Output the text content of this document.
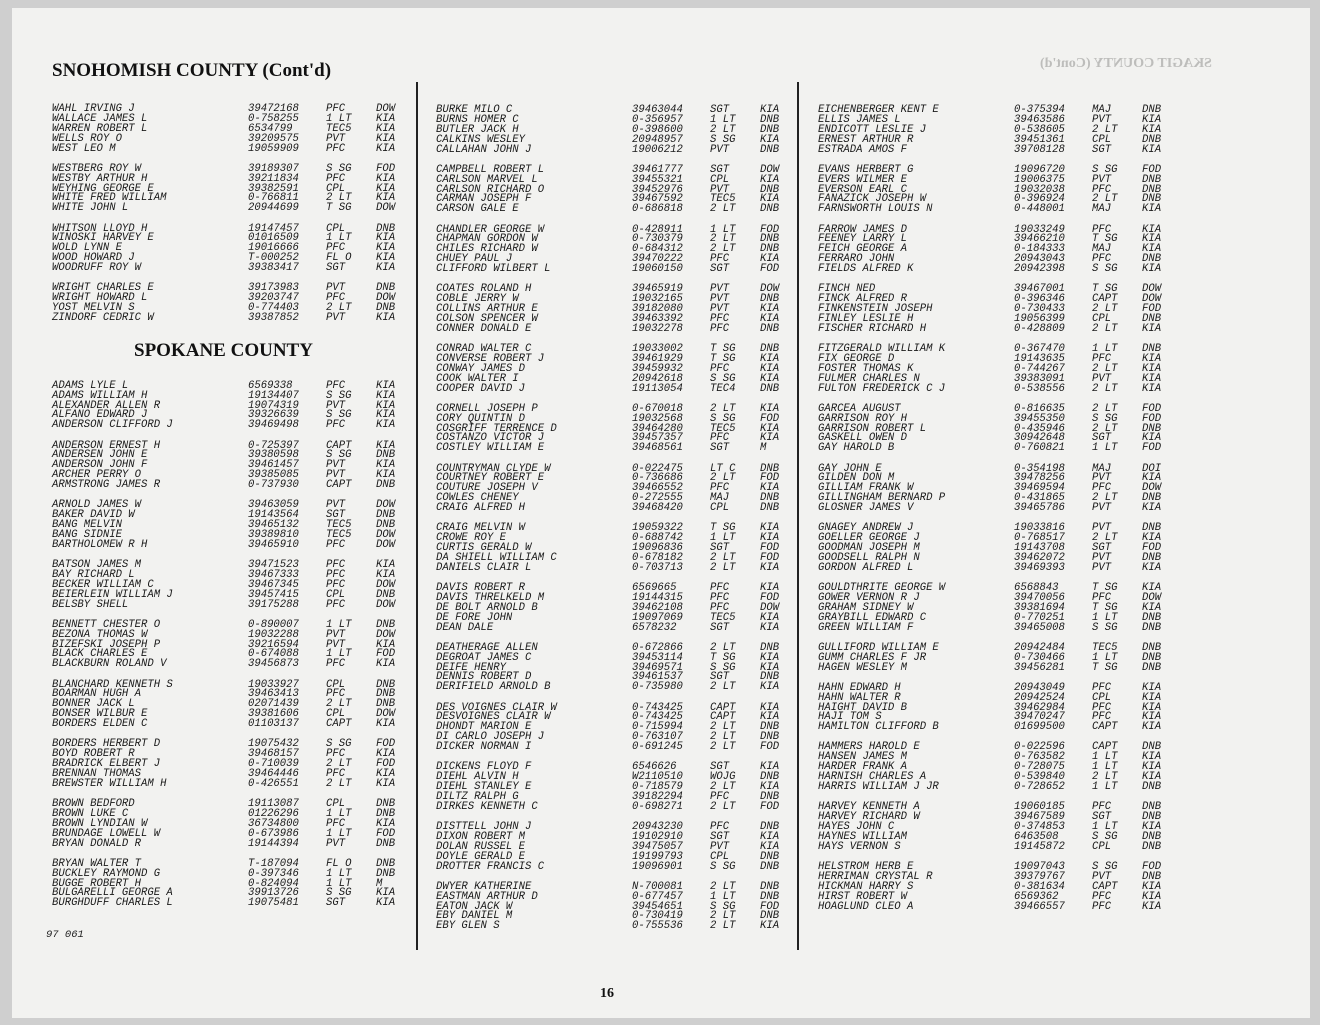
SKAGIT COUNTY (Cont'd)
SNOHOMISH COUNTY (Cont'd)
WAHL IRVING J	39472168	PFC	DOW
WALLACE JAMES L	0-758255	1 LT KIA
WARREN ROBERT L	6534799	TEC5 KIA
WELLS ROY O	39209575	PVT	KIA
WEST LEO M	19059909	PFC	KIA
WESTBERG ROY W	39189307	S SG FOD
WESTBY ARTHUR H	39211834	PFC	KIA
WEYHING GEORGE E	39382591	CPL	KIA
WHITE FRED WILLIAM	0-766811	2 LT KIA
WHITE JOHN L	20944699	T SG DOW
WHITSON LLOYD H	19147457	CPL	DNB
WINOSKI HARVEY E	01016509	1 LT KIA
WOLD LYNN E	19016666	PFC	KIA
WOOD HOWARD J	T-000252	FL O KIA
WOODRUFF ROY W	39383417	SGT	KIA
WRIGHT CHARLES E	39173983	PVT	DNB
WRIGHT HOWARD L	39203747	PFC	DOW
YOST MELVIN S	0-774403	2 LT DNB
ZINDORF CEDRIC W	39387852	PVT	KIA
SPOKANE COUNTY
ADAMS LYLE L	6569338	PFC	KIA
ADAMS WILLIAM H	19134407	S SG KIA
ALEXANDER ALLEN R	19074319	PVT	KIA
ALFANO EDWARD J	39326639	S SG KIA
ANDERSON CLIFFORD J	39469498	PFC	KIA
ANDERSON ERNEST H	0-725397	CAPT KIA
ANDERSEN JOHN E	39380598	S SG DNB
ANDERSON JOHN F	39461457	PVT	KIA
ARCHER PERRY O	39385085	PVT	KIA
ARMSTRONG JAMES R	0-737930	CAPT DNB
ARNOLD JAMES W	39463059	PVT	DOW
BAKER DAVID W	19143564	SGT	DNB
BANG MELVIN	39465132	TEC5 DNB
BANG SIDNIE	39389810	TEC5 DOW
BARTHOLOMEW R H	39465910	PFC	DOW
BATSON JAMES M	39471523	PFC	KIA
BAY RICHARD L	39467333	PFC	KIA
BECKER WILLIAM C	39467345	PFC	DOW
BEIERLEIN WILLIAM J	39457415	CPL	DNB
BELSBY SHELL	39175288	PFC	DOW
BENNETT CHESTER O	0-890007	1 LT DNB
BEZONA THOMAS W	19032288	PVT	DOW
BIZEFSKI JOSEPH P	39216594	PVT	KIA
BLACK CHARLES E	0-674088	1 LT FOD
BLACKBURN ROLAND V	39456873	PFC	KIA
BLANCHARD KENNETH S	19033927	CPL	DNB
BOARMAN HUGH A	39463413	PFC	DNB
BONNER JACK L	02071439	2 LT DNB
BONSER WILBUR E	39381606	CPL	DOW
BORDERS ELDEN C	01103137	CAPT KIA
BORDERS HERBERT D	19075432	S SG FOD
BOYD ROBERT R	39468157	PFC	KIA
BRADRICK ELBERT J	0-710039	2 LT FOD
BRENNAN THOMAS	39464446	PFC	KIA
BREWSTER WILLIAM H	0-426551	2 LT KIA
BROWN BEDFORD	19113087	CPL	DNB
BROWN LUKE C	01226296	1 LT DNB
BROWN LYNDIAN W	36734800	PFC	KIA
BRUNDAGE LOWELL W	0-673986	1 LT FOD
BRYAN DONALD R	19144394	PVT	DNB
BRYAN WALTER T	T-187094	FL O DNB
BUCKLEY RAYMOND G	0-397346	1 LT DNB
BUGGE ROBERT H	0-824094	1 LT M
BULGARELLI GEORGE A	39913726	S SG KIA
BURGHDUFF CHARLES L	19075481	SGT	KIA
BURKE MILO C	39463044	SGT	KIA
BURNS HOMER C	0-356957	1 LT DNB
BUTLER JACK H	0-398600	2 LT DNB
CALKINS WESLEY	20948957	S SG KIA
CALLAHAN JOHN J	19006212	PVT	DNB
CAMPBELL ROBERT L	39461777	SGT	DOW
CARLSON MARVEL L	39455321	CPL	KIA
CARLSON RICHARD O	39452976	PVT	DNB
CARMAN JOSEPH F	39467592	TEC5 KIA
CARSON GALE E	0-686818	2 LT DNB
CHANDLER GEORGE W	0-428911	1 LT FOD
CHAPMAN GORDON W	0-730379	2 LT DNB
CHILES RICHARD W	0-684312	2 LT DNB
CHUEY PAUL J	39470222	PFC	KIA
CLIFFORD WILBERT L	19060150	SGT	FOD
COATES ROLAND H	39465919	PVT	DOW
COBLE JERRY W	19032165	PVT	DNB
COLLINS ARTHUR E	39182080	PVT	KIA
COLSON SPENCER W	39463392	PFC	KIA
CONNER DONALD E	19032278	PFC	DNB
CONRAD WALTER C	19033002	T SG DNB
CONVERSE ROBERT J	39461929	T SG KIA
CONWAY JAMES D	39459932	PFC	KIA
COOK WALTER I	20942618	S SG KIA
COOPER DAVID J	19113054	TEC4 DNB
CORNELL JOSEPH P	0-670018	2 LT KIA
CORY QUINTIN D	19032568	S SG FOD
COSGRIFF TERRENCE D	39464280	TEC5 KIA
COSTANZO VICTOR J	39457357	PFC	KIA
COSTLEY WILLIAM E	39468561	SGT	M
COUNTRYMAN CLYDE W	0-022475	LT C DNB
COURTNEY ROBERT E	0-736686	2 LT FOD
COUTURE JOSEPH V	39466552	PFC	KIA
COWLES CHENEY	0-272555	MAJ	DNB
CRAIG ALFRED H	39468420	CPL	DNB
CRAIG MELVIN W	19059322	T SG KIA
CROWE ROY E	0-688742	1 LT KIA
CURTIS GERALD W	19096836	SGT	FOD
DA SHIELL WILLIAM C	0-678182	2 LT FOD
DANIELS CLAIR L	0-703713	2 LT KIA
DAVIS ROBERT R	6569665	PFC	KIA
DAVIS THRELKELD M	19144315	PFC	FOD
DE BOLT ARNOLD B	39462108	PFC	DOW
DE FORE JOHN	19097069	TEC5 KIA
DEAN DALE	6578232	SGT	KIA
DEATHERAGE ALLEN	0-672866	2 LT DNB
DEGROAT JAMES C	39453114	T SG KIA
DEIFE HENRY	39469571	S SG KIA
DENNIS ROBERT D	39461537	SGT	DNB
DERIFIELD ARNOLD B	0-735980	2 LT KIA
DES VOIGNES CLAIR W	0-743425	CAPT KIA
DESVOIGNES CLAIR W	0-743425	CAPT KIA
DHONDT MARION E	0-715994	2 LT DNB
DI CARLO JOSEPH J	0-763107	2 LT DNB
DICKER NORMAN I	0-691245	2 LT FOD
DICKENS FLOYD F	6546626	SGT	KIA
DIEHL ALVIN H	W2110510	WOJG DNB
DIEHL STANLEY E	0-718579	2 LT KIA
DILTZ RALPH G	39182294	PFC	DNB
DIRKES KENNETH C	0-698271	2 LT FOD
DISTTELL JOHN J	20943230	PFC	DNB
DIXON ROBERT M	19102910	SGT	KIA
DOLAN RUSSEL E	39475057	PVT	KIA
DOYLE GERALD E	19199793	CPL	DNB
DROTTER FRANCIS C	19096901	S SG DNB
DWYER KATHERINE	N-700081	2 LT DNB
EASTMAN ARTHUR D	0-677457	1 LT DNB
EATON JACK W	39454651	S SG FOD
EBY DANIEL M	0-730419	2 LT DNB
EBY GLEN S	0-755536	2 LT KIA
EICHENBERGER KENT E	0-375394	MAJ	DNB
ELLIS JAMES L	39463586	PVT	KIA
ENDICOTT LESLIE J	0-538605	2 LT KIA
ERNEST ARTHUR R	39451361	CPL	DNB
ESTRADA AMOS F	39708128	SGT	KIA
EVANS HERBERT G	19096720	S SG FOD
EVERS WILMER E	19006375	PVT	DNB
EVERSON EARL C	19032038	PFC	DNB
FANAZICK JOSEPH W	0-396924	2 LT DNB
FARNSWORTH LOUIS N	0-448001	MAJ	KIA
FARROW JAMES D	19033249	PFC	KIA
FEENEY LARRY L	39466210	T SG KIA
FEICH GEORGE A	0-184333	MAJ	KIA
FERRARO JOHN	20943043	PFC	DNB
FIELDS ALFRED K	20942398	S SG KIA
FINCH NED	39467001	T SG DOW
FINCK ALFRED R	0-396346	CAPT DOW
FINKENSTEIN JOSEPH	0-730433	2 LT FOD
FINLEY LESLIE H	19056399	CPL	DNB
FISCHER RICHARD H	0-428809	2 LT KIA
FITZGERALD WILLIAM K	0-367470	1 LT DNB
FIX GEORGE D	19143635	PFC	KIA
FOSTER THOMAS K	0-744267	2 LT KIA
FULMER CHARLES N	39383091	PVT	KIA
FULTON FREDERICK C J	0-538556	2 LT KIA
GARCEA AUGUST	0-816635	2 LT FOD
GARRISON ROY H	39455350	S SG FOD
GARRISON ROBERT L	0-435946	2 LT DNB
GASKELL OWEN D	30942648	SGT	KIA
GAY HAROLD B	0-760821	1 LT FOD
GAY JOHN E	0-354198	MAJ	DOI
GILDEN DON M	39478256	PVT	KIA
GILLIAM FRANK W	39469594	PFC	DOW
GILLINGHAM BERNARD P	0-431865	2 LT DNB
GLOSNER JAMES V	39465786	PVT	KIA
GNAGEY ANDREW J	19033816	PVT	DNB
GOELLER GEORGE J	0-768517	2 LT KIA
GOODMAN JOSEPH M	19143708	SGT	FOD
GOODSELL RALPH N	39462072	PVT	DNB
GORDON ALFRED L	39469393	PVT	KIA
GOULDTHRITE GEORGE W	6568843	T SG KIA
GOWER VERNON R J	39470056	PFC	DOW
GRAHAM SIDNEY W	39381694	T SG KIA
GRAYBILL EDWARD C	0-770251	1 LT DNB
GREEN WILLIAM F	39465008	S SG DNB
GULLIFORD WILLIAM E	20942484	TEC5 DNB
GUMM CHARLES F JR	0-730466	1 LT DNB
HAGEN WESLEY M	39456281	T SG DNB
HAHN EDWARD H	20943049	PFC	KIA
HAHN WALTER R	20942524	CPL	KIA
HAIGHT DAVID B	39462984	PFC	KIA
HAJI TOM S	39470247	PFC	KIA
HAMILTON CLIFFORD B	01699500	CAPT KIA
HAMMERS HAROLD E	0-022596	CAPT DNB
HANSEN JAMES M	0-763582	1 LT KIA
HARDER FRANK A	0-728075	1 LT KIA
HARNISH CHARLES A	0-539840	2 LT KIA
HARRIS WILLIAM J JR	0-728652	1 LT DNB
HARVEY KENNETH A	19060185	PFC	DNB
HARVEY RICHARD W	39467589	SGT	DNB
HAYES JOHN C	0-374853	1 LT KIA
HAYNES WILLIAM	6463508	S SG DNB
HAYS VERNON S	19145872	CPL	DNB
HELSTROM HERB E	19097043	S SG FOD
HERRIMAN CRYSTAL R	39379767	PVT	DNB
HICKMAN HARRY S	0-381634	CAPT KIA
HIRST ROBERT W	6569362	PFC	KIA
HOAGLUND CLEO A	39466557	PFC	KIA
97 061
16
